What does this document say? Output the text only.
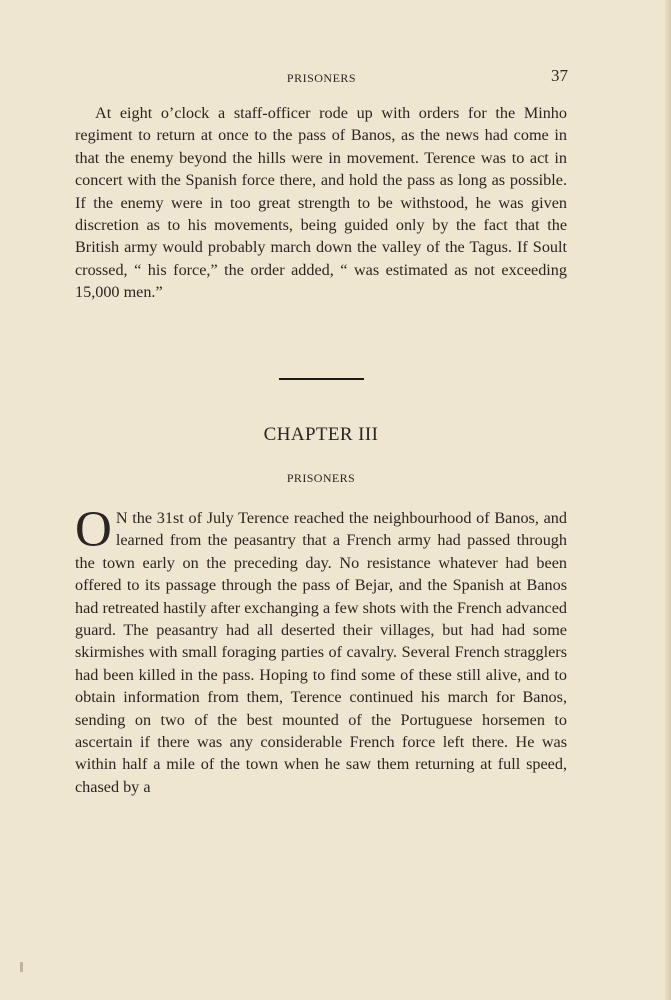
PRISONERS	37

At eight o’clock a staff-officer rode up with orders for the Minho regiment to return at once to the pass of Banos, as the news had come in that the enemy beyond the hills were in movement. Terence was to act in concert with the Spanish force there, and hold the pass as long as possible. If the enemy were in too great strength to be withstood, he was given discretion as to his movements, being guided only by the fact that the British army would probably march down the valley of the Tagus. If Soult crossed, “ his force,” the order added, “ was estimated as not exceeding 15,000 men.”

CHAPTER III
PRISONERS

O N the 31st of July Terence reached the neighbourhood of Banos, and learned from the peasantry that a French army had passed through the town early on the preceding day. No resistance whatever had been offered to its passage through the pass of Bejar, and the Spanish at Banos had retreated hastily after exchanging a few shots with the French advanced guard. The peasantry had all deserted their villages, but had had some skirmishes with small foraging parties of cavalry. Several French stragglers had been killed in the pass. Hoping to find some of these still alive, and to obtain information from them, Terence continued his march for Banos, sending on two of the best mounted of the Portuguese horsemen to ascertain if there was any considerable French force left there. He was within half a mile of the town when he saw them returning at full speed, chased by a
